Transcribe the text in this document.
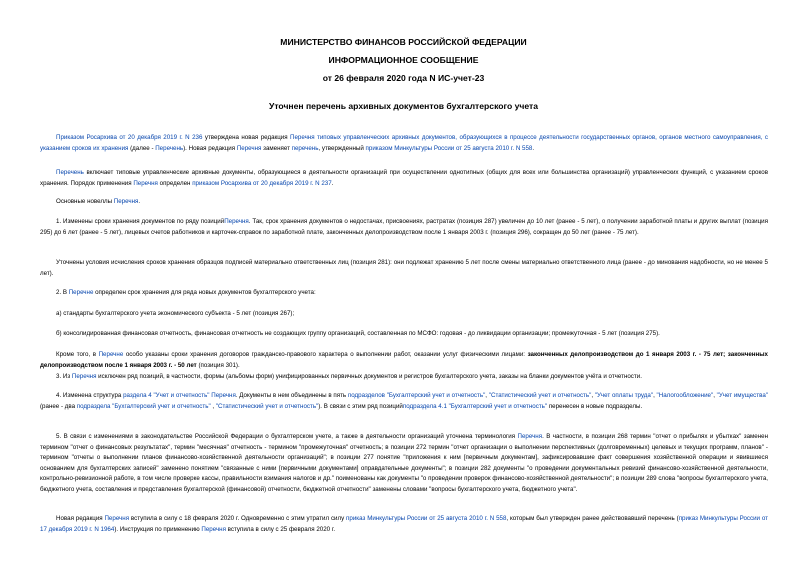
МИНИСТЕРСТВО ФИНАНСОВ РОССИЙСКОЙ ФЕДЕРАЦИИ
ИНФОРМАЦИОННОЕ СООБЩЕНИЕ
от 26 февраля 2020 года N ИС-учет-23
Уточнен перечень архивных документов бухгалтерского учета

Приказом Росархива от 20 декабря 2019 г. N 236 утверждена новая редакция Перечня типовых управленческих архивных документов, образующихся в процессе деятельности государственных органов, органов местного самоуправления, с указанием сроков их хранения (далее - Перечень). Новая редакция Перечня заменяет перечень, утвержденный приказом Минкультуры России от 25 августа 2010 г. N 558.

Перечень включает типовые управленческие архивные документы, образующиеся в деятельности организаций при осуществлении однотипных (общих для всех или большинства организаций) управленческих функций, с указанием сроков хранения. Порядок применения Перечня определен приказом Росархива от 20 декабря 2019 г. N 237.

Основные новеллы Перечня.

1. Изменены сроки хранения документов по ряду позицийПеречня. Так, срок хранения документов о недостачах, присвоениях, растратах (позиция 287) увеличен до 10 лет (ранее - 5 лет), о получении заработной платы и других выплат (позиция 295) до 6 лет (ранее - 5 лет), лицевых счетов работников и карточек-справок по заработной плате, законченных делопроизводством после 1 января 2003 г. (позиция 296), сокращен до 50 лет (ранее - 75 лет).

Уточнены условия исчисления сроков хранения образцов подписей материально ответственных лиц (позиция 281): они подлежат хранению 5 лет после смены материально ответственного лица (ранее - до минования надобности, но не менее 5 лет).

2. В Перечне определен срок хранения для ряда новых документов бухгалтерского учета:

а) стандарты бухгалтерского учета экономического субъекта - 5 лет (позиция 267);

б) консолидированная финансовая отчетность, финансовая отчетность не создающих группу организаций, составленная по МСФО: годовая - до ликвидации организации; промежуточная - 5 лет (позиция 275).

Кроме того, в Перечне особо указаны сроки хранения договоров гражданско-правового характера о выполнении работ, оказании услуг физическими лицами: законченных делопроизводством до 1 января 2003 г. - 75 лет; законченных делопроизводством после 1 января 2003 г. - 50 лет (позиция 301).

3. Из Перечня исключен ряд позиций, в частности, формы (альбомы форм) унифицированных первичных документов и регистров бухгалтерского учета, заказы на бланки документов учёта и отчетности.

4. Изменена структура раздела 4 "Учет и отчетность" Перечня. Документы в нем объединены в пять подразделов "Бухгалтерский учет и отчетность", "Статистический учет и отчетность", "Учет оплаты труда", "Налогообложение", "Учет имущества" (ранее - два подраздела "Бухгалтерский учет и отчетность" , "Статистический учет и отчетность"). В связи с этим ряд позицийподраздела 4.1 "Бухгалтерский учет и отчетность" перенесен в новые подразделы.

5. В связи с изменениями в законодательстве Российской Федерации о бухгалтерском учете, а также в деятельности организаций уточнена терминология Перечня. В частности, в позиции 268 термин "отчет о прибылях и убытках" заменен термином "отчет о финансовых результатах", термин "месячная" отчетность - термином "промежуточная" отчетность; в позиции 272 термин "отчет организации о выполнении перспективных (долговременных) целевых и текущих программ, планов" - термином "отчеты о выполнении планов финансово-хозяйственной деятельности организаций"; в позиции 277 понятие "приложения к ним [первичным документам], зафиксировавшие факт совершения хозяйственной операции и явившиеся основанием для бухгалтерских записей" заменено понятием "связанные с ними [первичными документами] оправдательные документы"; в позиции 282 документы "о проведении документальных ревизий финансово-хозяйственной деятельности, контрольно-ревизионной работе, в том числе проверке кассы, правильности взимания налогов и др." поименованы как документы "о проведении проверок финансово-хозяйственной деятельности"; в позиции 289 слова "вопросы бухгалтерского учета, бюджетного учета, составления и представления бухгалтерской (финансовой) отчетности, бюджетной отчетности" заменены словами "вопросы бухгалтерского учета, бюджетного учета".

Новая редакция Перечня вступила в силу с 18 февраля 2020 г. Одновременно с этим утратил силу приказ Минкультуры России от 25 августа 2010 г. N 558, которым был утвержден ранее действовавший перечень (приказ Минкультуры России от 17 декабря 2019 г. N 1964). Инструкция по применению Перечня вступила в силу с 25 февраля 2020 г.
